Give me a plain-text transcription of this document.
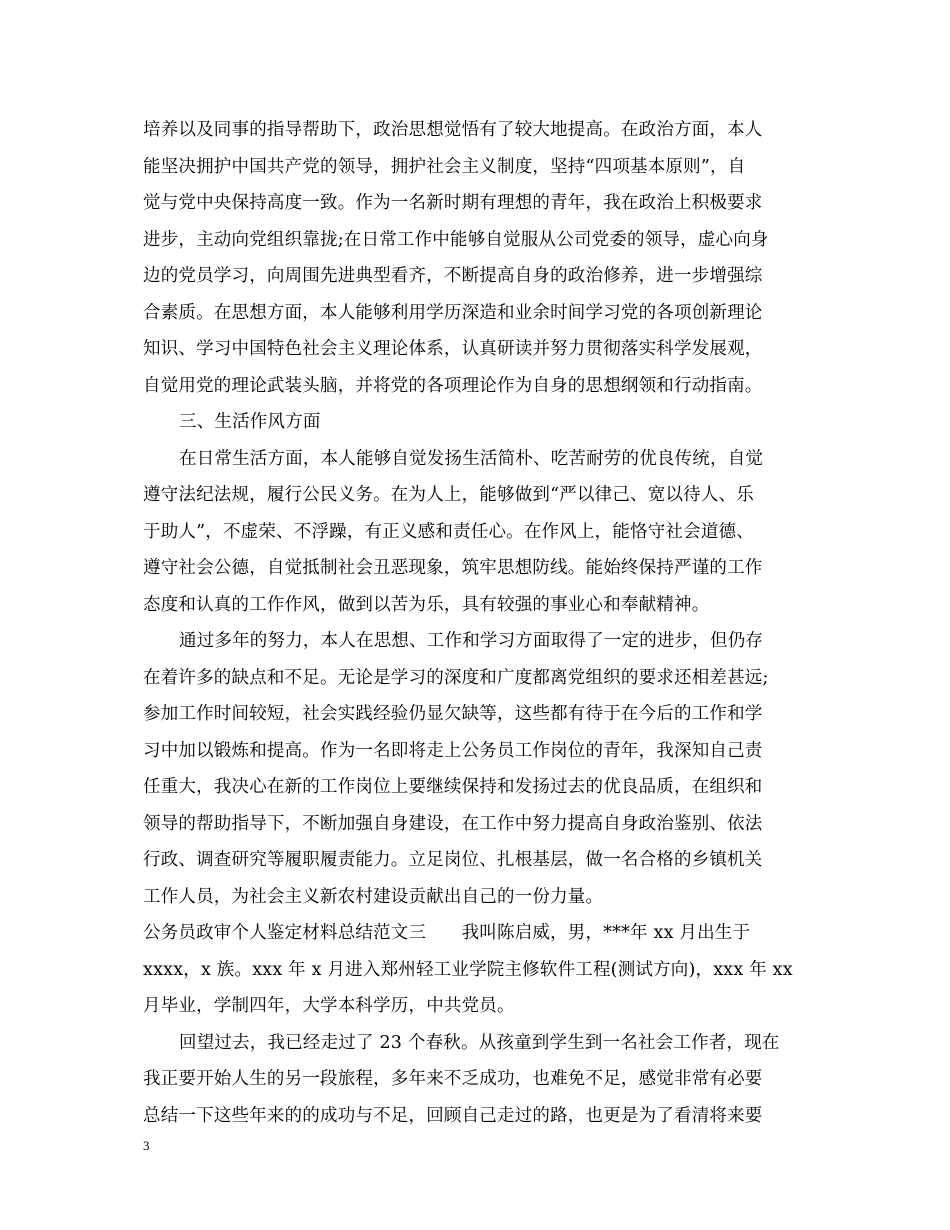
培养以及同事的指导帮助下，政治思想觉悟有了较大地提高。在政治方面，本人
能坚决拥护中国共产党的领导，拥护社会主义制度，坚持“四项基本原则”，自
觉与党中央保持高度一致。作为一名新时期有理想的青年，我在政治上积极要求
进步，主动向党组织靠拢;在日常工作中能够自觉服从公司党委的领导，虚心向身
边的党员学习，向周围先进典型看齐，不断提高自身的政治修养，进一步增强综
合素质。在思想方面，本人能够利用学历深造和业余时间学习党的各项创新理论
知识、学习中国特色社会主义理论体系，认真研读并努力贯彻落实科学发展观，
自觉用党的理论武装头脑，并将党的各项理论作为自身的思想纲领和行动指南。
三、生活作风方面
在日常生活方面，本人能够自觉发扬生活简朴、吃苦耐劳的优良传统，自觉
遵守法纪法规，履行公民义务。在为人上，能够做到“严以律己、宽以待人、乐
于助人”，不虚荣、不浮躁，有正义感和责任心。在作风上，能恪守社会道德、
遵守社会公德，自觉抵制社会丑恶现象，筑牢思想防线。能始终保持严谨的工作
态度和认真的工作作风，做到以苦为乐，具有较强的事业心和奉献精神。
通过多年的努力，本人在思想、工作和学习方面取得了一定的进步，但仍存
在着许多的缺点和不足。无论是学习的深度和广度都离党组织的要求还相差甚远;
参加工作时间较短，社会实践经验仍显欠缺等，这些都有待于在今后的工作和学
习中加以锻炼和提高。作为一名即将走上公务员工作岗位的青年，我深知自己责
任重大，我决心在新的工作岗位上要继续保持和发扬过去的优良品质，在组织和
领导的帮助指导下，不断加强自身建设，在工作中努力提高自身政治鉴别、依法
行政、调查研究等履职履责能力。立足岗位、扎根基层，做一名合格的乡镇机关
工作人员，为社会主义新农村建设贡献出自己的一份力量。
公务员政审个人鉴定材料总结范文三　　我叫陈启威，男，***年 xx 月出生于
xxxx，x 族。xxx 年 x 月进入郑州轻工业学院主修软件工程(测试方向)，xxx 年 xx
月毕业，学制四年，大学本科学历，中共党员。
回望过去，我已经走过了 23 个春秋。从孩童到学生到一名社会工作者，现在
我正要开始人生的另一段旅程，多年来不乏成功，也难免不足，感觉非常有必要
总结一下这些年来的的成功与不足，回顾自己走过的路，也更是为了看清将来要
3
